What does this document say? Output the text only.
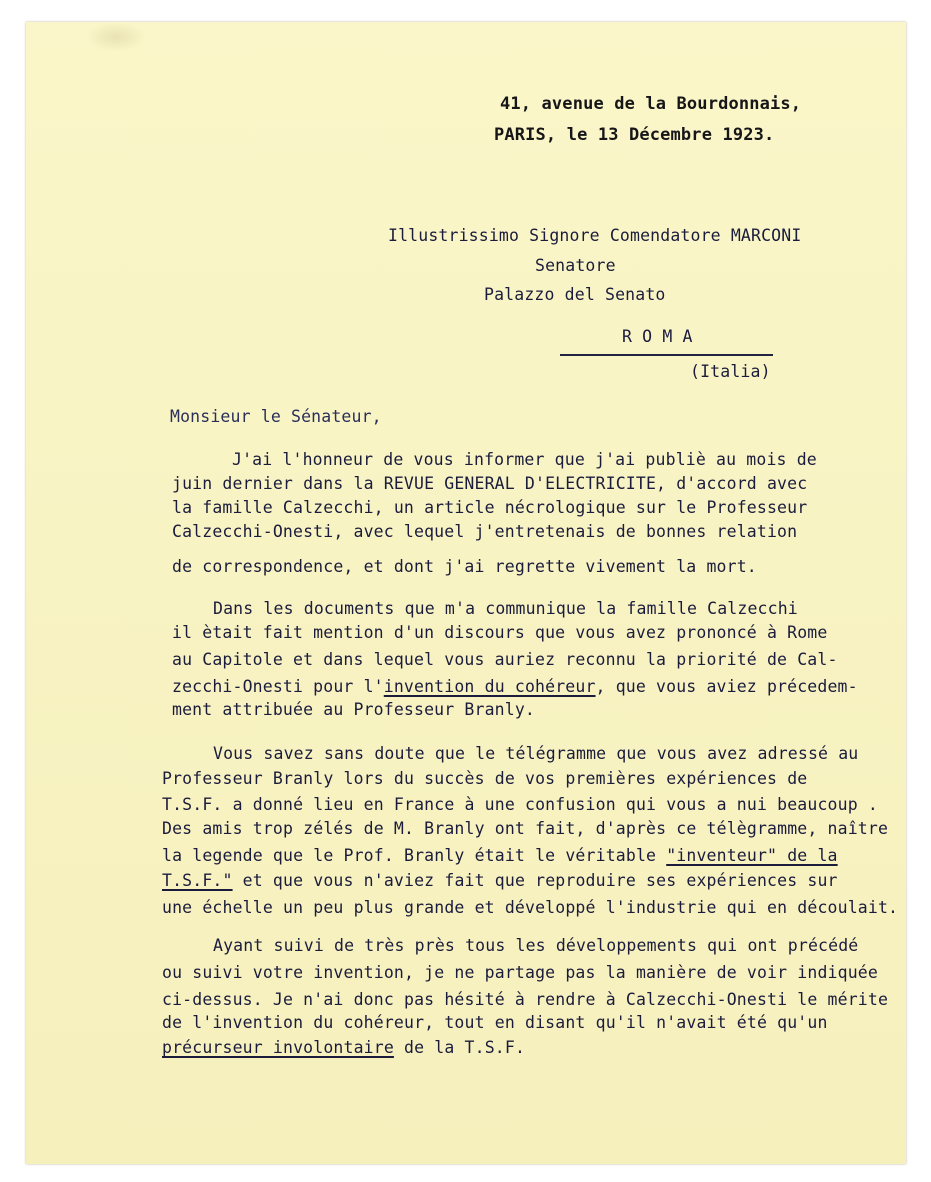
41, avenue de la Bourdonnais,
PARIS, le 13 Décembre 1923.
Illustrissimo Signore Comendatore MARCONI
Senatore
Palazzo del Senato
R O M A
(Italia)
Monsieur le Sénateur,
J'ai l'honneur de vous informer que j'ai publiè au mois de
juin dernier dans la REVUE GENERAL D'ELECTRICITE, d'accord avec
la famille Calzecchi, un article nécrologique sur le Professeur
Calzecchi-Onesti, avec lequel j'entretenais de bonnes relation
de correspondence, et dont j'ai regrette vivement la mort.
Dans les documents que m'a communique la famille Calzecchi
il ètait fait mention d'un discours que vous avez prononcé à Rome
au Capitole et dans lequel vous auriez reconnu la priorité de Cal-
zecchi-Onesti pour l'invention du cohéreur, que vous aviez précedem-
ment attribuée au Professeur Branly.
Vous savez sans doute que le télégramme que vous avez adressé au
Professeur Branly lors du succès de vos premières expériences de
T.S.F. a donné lieu en France à une confusion qui vous a nui beaucoup .
Des amis trop zélés de M. Branly ont fait, d'après ce télègramme, naître
la legende que le Prof. Branly était le véritable "inventeur" de la
T.S.F." et que vous n'aviez fait que reproduire ses expériences sur
une échelle un peu plus grande et développé l'industrie qui en découlait.
Ayant suivi de très près tous les développements qui ont précédé
ou suivi votre invention, je ne partage pas la manière de voir indiquée
ci-dessus. Je n'ai donc pas hésité à rendre à Calzecchi-Onesti le mérite
de l'invention du cohéreur, tout en disant qu'il n'avait été qu'un
précurseur involontaire de la T.S.F.
